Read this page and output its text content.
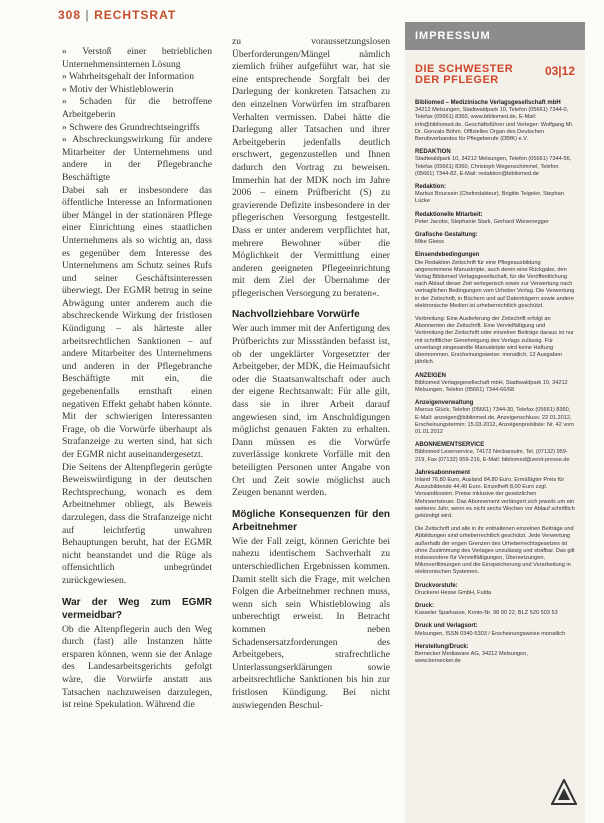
308 | RECHTSRAT

» Verstoß einer betrieblichen Unternehmensinternen Lösung

» Wahrheitsgehalt der Information

» Motiv der Whistleblowerin

» Schaden für die betroffene Arbeitgeberin

» Schwere des Grundrechtseingriffs

» Abschreckungswirkung für andere Mitarbeiter der Unternehmens und andere in der Pflegebranche Beschäftigte

Dabei sah er insbesondere das öffentliche Interesse an Informationen über Mängel in der stationären Pflege einer Einrichtung eines staatlichen Unternehmens als so wichtig an, dass es gegenüber dem Interesse des Unternehmens am Schutz seines Rufs und seiner Geschäftsinteressen überwiegt. Der EGMR betrug in seine Abwägung unter anderem auch die abschreckende Wirkung der fristlosen Kündigung – als härteste aller arbeitsrechtlichen Sanktionen – auf andere Mitarbeiter des Unternehmens und anderen in der Pflegebranche Beschäftigte mit ein, die gegebenenfalls ernsthaft einen negativen Effekt gehabt haben könnte. Mit der schwierigen Interessanten Frage, ob die Vorwürfe überhaupt als Strafanzeige zu werten sind, hat sich der EGMR nicht auseinandergesetzt.

Die Seitens der Altenpflegerin gerügte Beweiswürdigung in der deutschen Rechtsprechung, wonach es dem Arbeitnehmer obliegt, als Beweis darzulegen, dass die Strafanzeige nicht auf leichtfertig unwahren Behauptungen beruht, hat der EGMR nicht beanstandet und die Rüge als offensichtlich unbegründet zurückgewiesen.

War der Weg zum EGMR vermeidbar?

Ob die Altenpflegerin auch den Weg durch (fast) alle Instanzen hätte ersparen können, wenn sie der Anlage des Landesarbeitsgerichts gefolgt wäre, die Vorwürfe anstatt aus Tatsachen nachzuweisen darzulegen, ist reine Spekulation. Während die

zu voraussetzungslosen Überforderungen/Mängel nämlich ziemlich früher aufgeführt war, hat sie eine entsprechende Sorgfalt bei der Darlegung der konkreten Tatsachen zu den einzelnen Vorwürfen im strafbaren Verhalten vermissen. Dabei hätte die Darlegung aller Tatsachen und ihrer Arbeitgeberin jedenfalls deutlich erschwert, gegenzustellen und Ihnen dadurch den Vortrag zu beweisen. Immerhin hat der MDK noch im Jahre 2006 – einem Prüfbericht (S) zu gravierende Defizite insbesondere in der pflegerischen Versorgung festgestellt. Dass er unter anderem verpflichtet hat, mehrere Bewohner »über die Möglichkeit der Vermittlung einer anderen geeigneten Pflegeeinrichtung mit dem Ziel der Übernahme der pflegerischen Versorgung zu beraten«.

Nachvollziehbare Vorwürfe

Wer auch immer mit der Anfertigung des Prüfberichts zur Missständen befasst ist, ob der ungeklärter Vorgesetzter der Arbeitgeber, der MDK, die Heimaufsicht oder die Staatsanwaltschaft oder auch der eigene Rechtsanwalt: Für alle gilt, dass sie in ihrer Arbeit darauf angewiesen sind, im Anschuldigungen möglichst genauen Fakten zu erhalten. Dann müssen es die Vorwürfe zuverlässige konkrete Vorfälle mit den beteiligten Personen unter Angabe von Ort und Zeit sowie möglichst auch Zeugen benannt werden.

Mögliche Konsequenzen für den Arbeitnehmer

Wie der Fall zeigt, können Gerichte bei nahezu identischem Sachverhalt zu unterschiedlichen Ergebnissen kommen. Damit stellt sich die Frage, mit welchen Folgen die Arbeitnehmer rechnen muss, wenn sich sein Whistleblowing als unberechtigt erweist. In Betracht kommen neben Schadensersatzforderungen des Arbeitgebers, strafrechtliche Unterlassungserklärungen sowie arbeitsrechtliche Sanktionen bis hin zur fristlosen Kündigung. Bei nicht auswiegenden Beschul-

IMPRESSUM
DIE SCHWESTER
DER PFLEGER
03|12
Bibliomed – Medizinische Verlagsgesellschaft mbH
34212 Melsungen, Stadtwaldpark 10, Telefon (05661) 7344-0, Telefax (05661) 8360, www.bibliomed.de, E-Mail: info@bibliomed.de, Geschäftsführer und Verleger: Wolfgang Mi. Dr. Gonzalo Böhm. Offizielles Organ des Deutschen Berufsverbandes für Pflegeberufe (DBfK) e.V.
REDAKTION
Stadtwaldpark 10, 34212 Melsungen, Telefon (05661) 7344-56, Telefax (05661) 8360, Christoph Wegenschimmel, Telefon (05661) 7344-82, E-Mail: redaktion@bibliomed.de
Redaktion:
Markus Boucsein (Chefredakteur), Brigitte Teigeler, Stephan Lücke
Redaktionelle Mitarbeit:
Peter Jacobs, Stephanie Stark, Gerhard Wiesenegger
Grafische Gestaltung:
Mike Gleiss
Einsendebedingungen
Die Redaktion Zeitschrift für eine Pflegeausbildung angenommene Manuskripte, auch deren eine Rückgabe, den Verlag Bibliomed Verlagsgesellschaft, für die Veröffentlichung nach Ablauf dieser Zeit verlegerisch sowie zur Verwertung nach vertraglichen Bedingungen vom Urheber Verlag. Die Verwertung in der Zeitschrift, in Büchern und auf Datenträgern sowie andere elektronische Medien ist urheberrechtlich geschützt.
Verbreitung: Eine Auslieferung der Zeitschrift erfolgt an Abonnenten der Zeitschrift. Eine Vervielfältigung und Verbreitung der Zeitschrift oder einzelner Beiträge daraus ist nur mit schriftlicher Genehmigung des Verlags zulässig. Für unverlangt eingesandte Manuskripte wird keine Haftung übernommen. Erscheinungsweise: monatlich, 12 Ausgaben jährlich.
ANZEIGEN
Bibliomed Verlagsgesellschaft mbH, Stadtwaldpark 10, 34212 Melsungen, Telefon (05661) 7344-66/68
Anzeigenverwaltung
Marcus Glück, Telefon (05661) 7344-30, Telefax (05661) 8360, E-Mail: anzeigen@bibliomed.de, Anzeigenschluss: 22.01.2012, Erscheinungstermin: 15.03.2012, Anzeigenpreisliste: Nr. 42 vom 01.01.2012
ABONNEMENTSERVICE
Bibliomed Leserservice, 74172 Neckarsulm, Tel. (07132) 959-219, Fax (07132) 959-216, E-Mail: bibliomed@zenit-presse.de
Jahresabonnement
Inland 76,80 Euro, Ausland 84,80 Euro. Ermäßigter Preis für Auszubildende 44,40 Euro. Einzelheft 8,00 Euro zzgl. Versandkosten. Preise inklusive der gesetzlichen Mehrwertsteuer. Das Abonnement verlängert sich jeweils um ein weiteres Jahr, wenn es nicht sechs Wochen vor Ablauf schriftlich gekündigt wird.
Die Zeitschrift und alle in ihr enthaltenen einzelnen Beiträge und Abbildungen sind urheberrechtlich geschützt. Jede Verwertung außerhalb der engen Grenzen des Urheberrechtsgesetzes ist ohne Zustimmung des Verlages unzulässig und strafbar. Das gilt insbesondere für Vervielfältigungen, Übersetzungen, Mikroverfilmungen und die Einspeicherung und Verarbeitung in elektronischen Systemen.
Druckvorstufe:
Druckerei Hesse GmbH, Fulda
Druck:
Kasseler Sparkasse, Konto-Nr. 98 00 22, BLZ 520 503 53
Druck und Verlagsort:
Melsungen, ISSN 0340-5303 / Erscheinungsweise monatlich
Herstellung/Druck:
Bernecker Mediaware AG, 34212 Melsungen, www.bernecker.de
